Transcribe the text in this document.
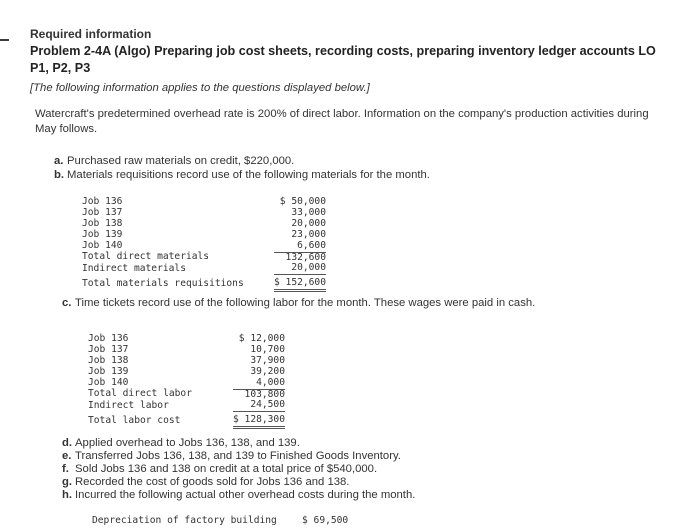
Required information
Problem 2-4A (Algo) Preparing job cost sheets, recording costs, preparing inventory ledger accounts LO P1, P2, P3
[The following information applies to the questions displayed below.]
Watercraft's predetermined overhead rate is 200% of direct labor. Information on the company's production activities during May follows.
a. Purchased raw materials on credit, $220,000.
b. Materials requisitions record use of the following materials for the month.
Job 136	$ 50,000
Job 137	33,000
Job 138	20,000
Job 139	23,000
Job 140	6,600
Total direct materials	132,600
Indirect materials	20,000
Total materials requisitions	$ 152,600
c. Time tickets record use of the following labor for the month. These wages were paid in cash.
Job 136	$ 12,000
Job 137	10,700
Job 138	37,900
Job 139	39,200
Job 140	4,000
Total direct labor	103,800
Indirect labor	24,500
Total labor cost	$ 128,300
d. Applied overhead to Jobs 136, 138, and 139.
e. Transferred Jobs 136, 138, and 139 to Finished Goods Inventory.
f. Sold Jobs 136 and 138 on credit at a total price of $540,000.
g. Recorded the cost of goods sold for Jobs 136 and 138.
h. Incurred the following actual other overhead costs during the month.
Depreciation of factory building	$ 69,500
